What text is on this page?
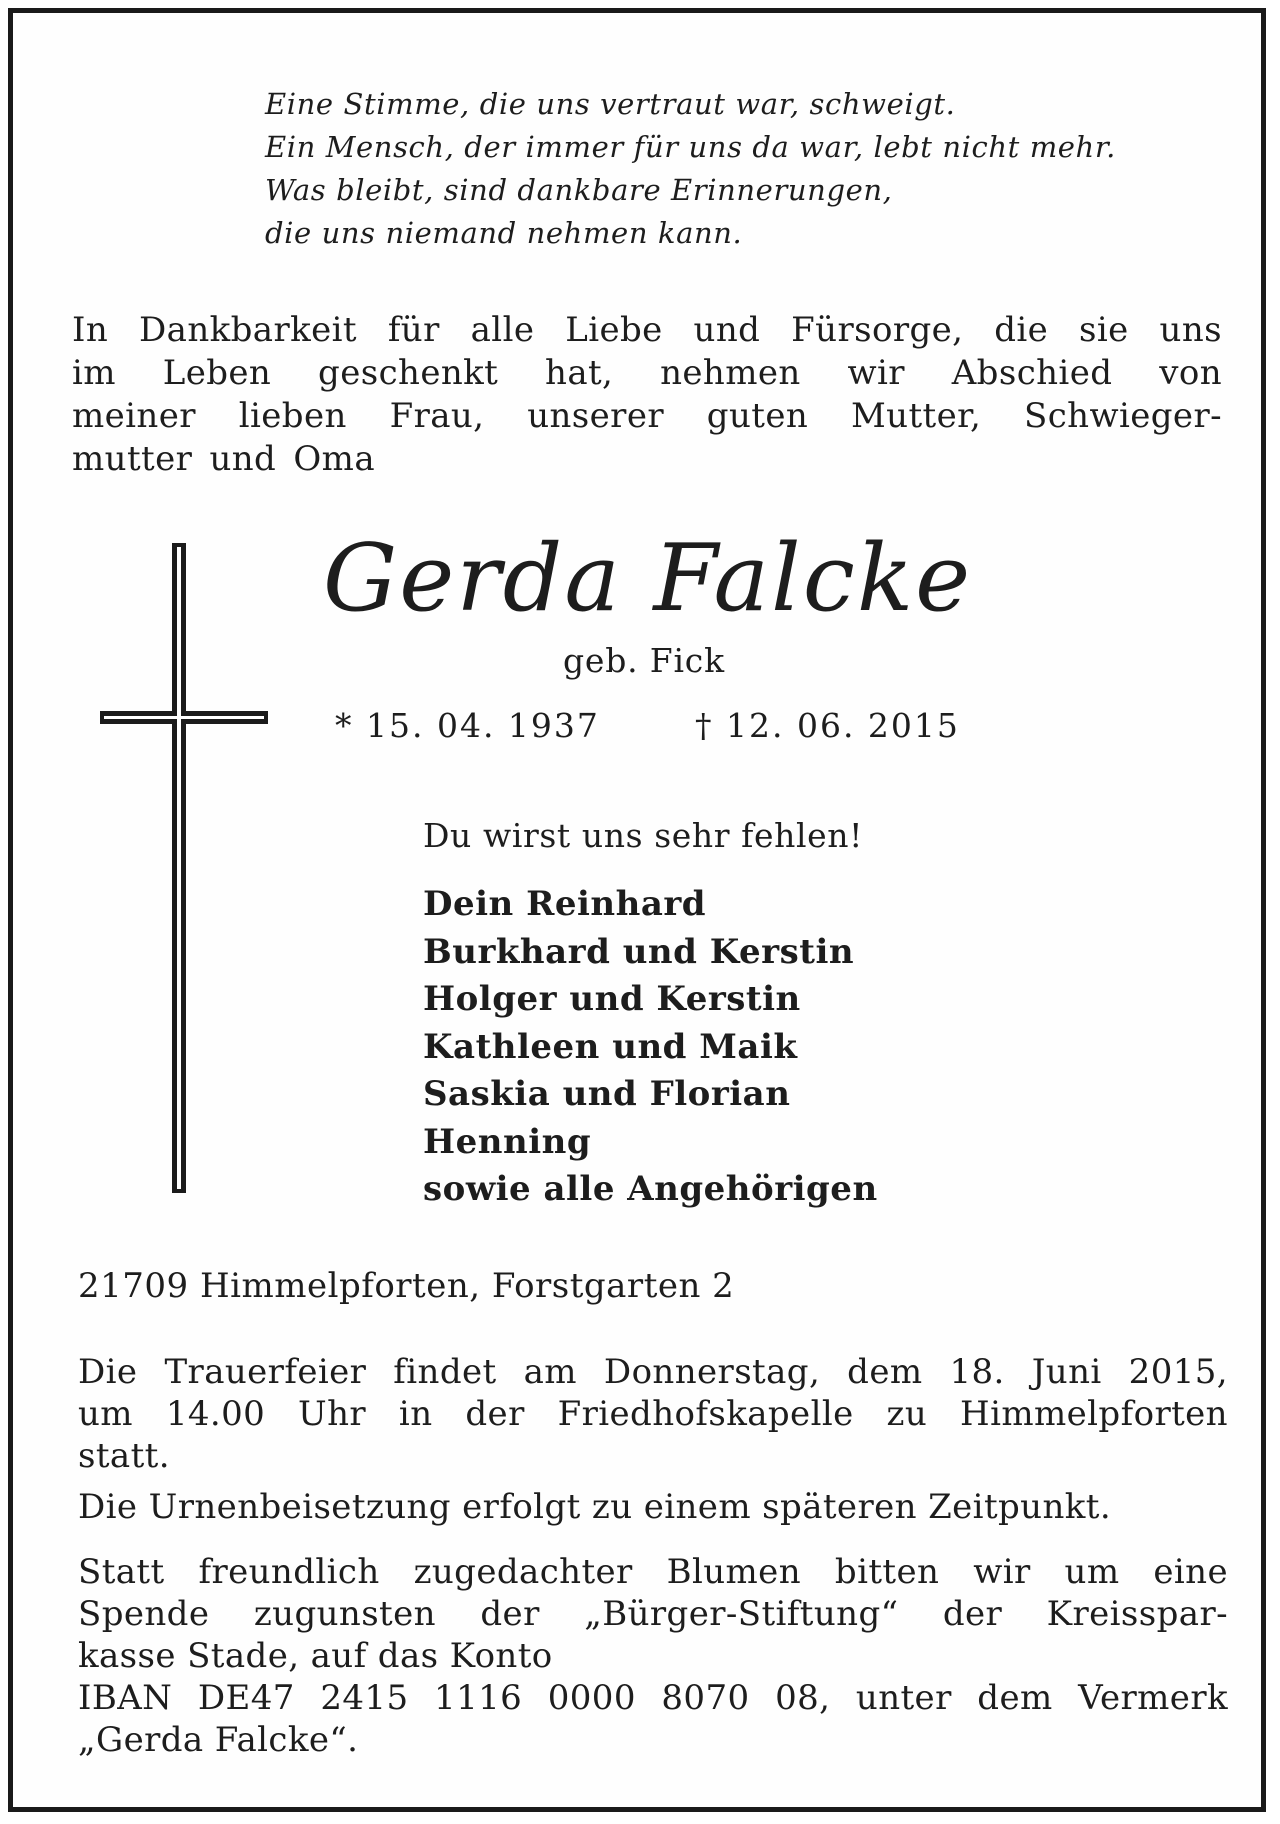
Eine Stimme, die uns vertraut war, schweigt.
Ein Mensch, der immer für uns da war, lebt nicht mehr.
Was bleibt, sind dankbare Erinnerungen,
die uns niemand nehmen kann.
In Dankbarkeit für alle Liebe und Fürsorge, die sie uns
im Leben geschenkt hat, nehmen wir Abschied von
meiner lieben Frau, unserer guten Mutter, Schwieger-
mutter und Oma
Gerda Falcke
geb. Fick
* 15. 04. 1937	† 12. 06. 2015
Du wirst uns sehr fehlen!
Dein Reinhard
Burkhard und Kerstin
Holger und Kerstin
Kathleen und Maik
Saskia und Florian
Henning
sowie alle Angehörigen
21709 Himmelpforten, Forstgarten 2
Die Trauerfeier findet am Donnerstag, dem 18. Juni 2015,
um 14.00 Uhr in der Friedhofskapelle zu Himmelpforten
statt.
Die Urnenbeisetzung erfolgt zu einem späteren Zeitpunkt.
Statt freundlich zugedachter Blumen bitten wir um eine
Spende zugunsten der „Bürger-Stiftung“ der Kreisspar-
kasse Stade, auf das Konto
IBAN DE47 2415 1116 0000 8070 08, unter dem Vermerk
„Gerda Falcke“.
